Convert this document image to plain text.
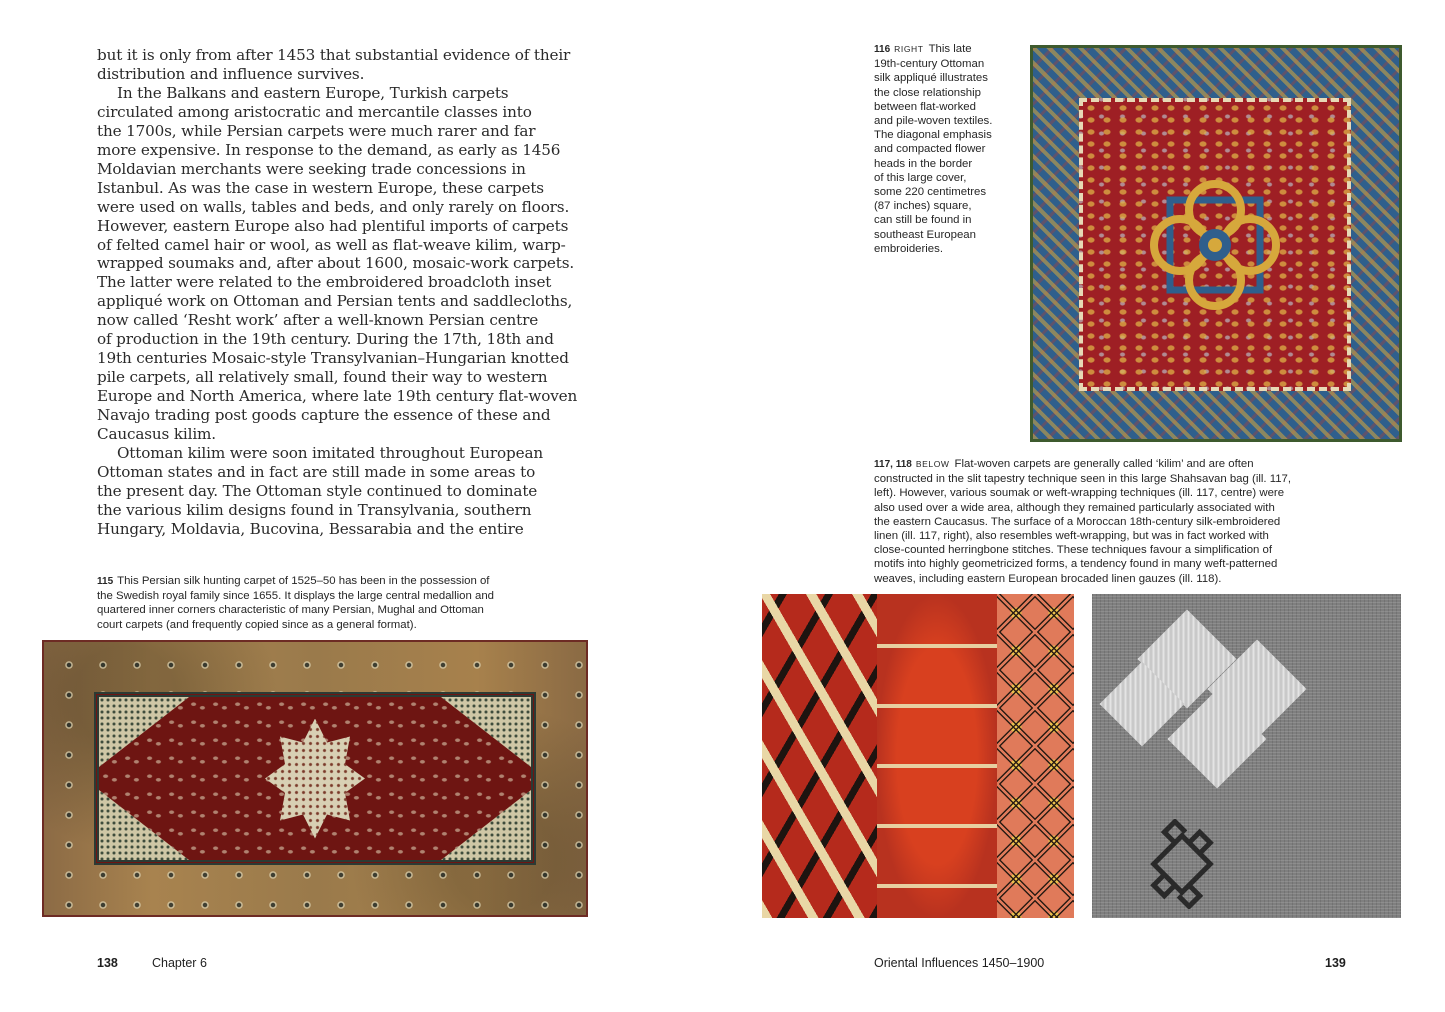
but it is only from after 1453 that substantial evidence of their
distribution and influence survives.
In the Balkans and eastern Europe, Turkish carpets
circulated among aristocratic and mercantile classes into
the 1700s, while Persian carpets were much rarer and far
more expensive. In response to the demand, as early as 1456
Moldavian merchants were seeking trade concessions in
Istanbul. As was the case in western Europe, these carpets
were used on walls, tables and beds, and only rarely on floors.
However, eastern Europe also had plentiful imports of carpets
of felted camel hair or wool, as well as flat-weave kilim, warp-
wrapped soumaks and, after about 1600, mosaic-work carpets.
The latter were related to the embroidered broadcloth inset
appliqué work on Ottoman and Persian tents and saddlecloths,
now called ‘Resht work’ after a well-known Persian centre
of production in the 19th century. During the 17th, 18th and
19th centuries Mosaic-style Transylvanian–Hungarian knotted
pile carpets, all relatively small, found their way to western
Europe and North America, where late 19th century flat-woven
Navajo trading post goods capture the essence of these and
Caucasus kilim.
Ottoman kilim were soon imitated throughout European
Ottoman states and in fact are still made in some areas to
the present day. The Ottoman style continued to dominate
the various kilim designs found in Transylvania, southern
Hungary, Moldavia, Bucovina, Bessarabia and the entire
115 This Persian silk hunting carpet of 1525–50 has been in the possession of
the Swedish royal family since 1655. It displays the large central medallion and
quartered inner corners characteristic of many Persian, Mughal and Ottoman
court carpets (and frequently copied since as a general format).
138	Chapter 6
116 RIGHT This late
19th-century Ottoman
silk appliqué illustrates
the close relationship
between flat-worked
and pile-woven textiles.
The diagonal emphasis
and compacted flower
heads in the border
of this large cover,
some 220 centimetres
(87 inches) square,
can still be found in
southeast European
embroideries.
117, 118 BELOW Flat-woven carpets are generally called ‘kilim’ and are often
constructed in the slit tapestry technique seen in this large Shahsavan bag (ill. 117,
left). However, various soumak or weft-wrapping techniques (ill. 117, centre) were
also used over a wide area, although they remained particularly associated with
the eastern Caucasus. The surface of a Moroccan 18th-century silk-embroidered
linen (ill. 117, right), also resembles weft-wrapping, but was in fact worked with
close-counted herringbone stitches. These techniques favour a simplification of
motifs into highly geometricized forms, a tendency found in many weft-patterned
weaves, including eastern European brocaded linen gauzes (ill. 118).
Oriental Influences 1450–1900	139
